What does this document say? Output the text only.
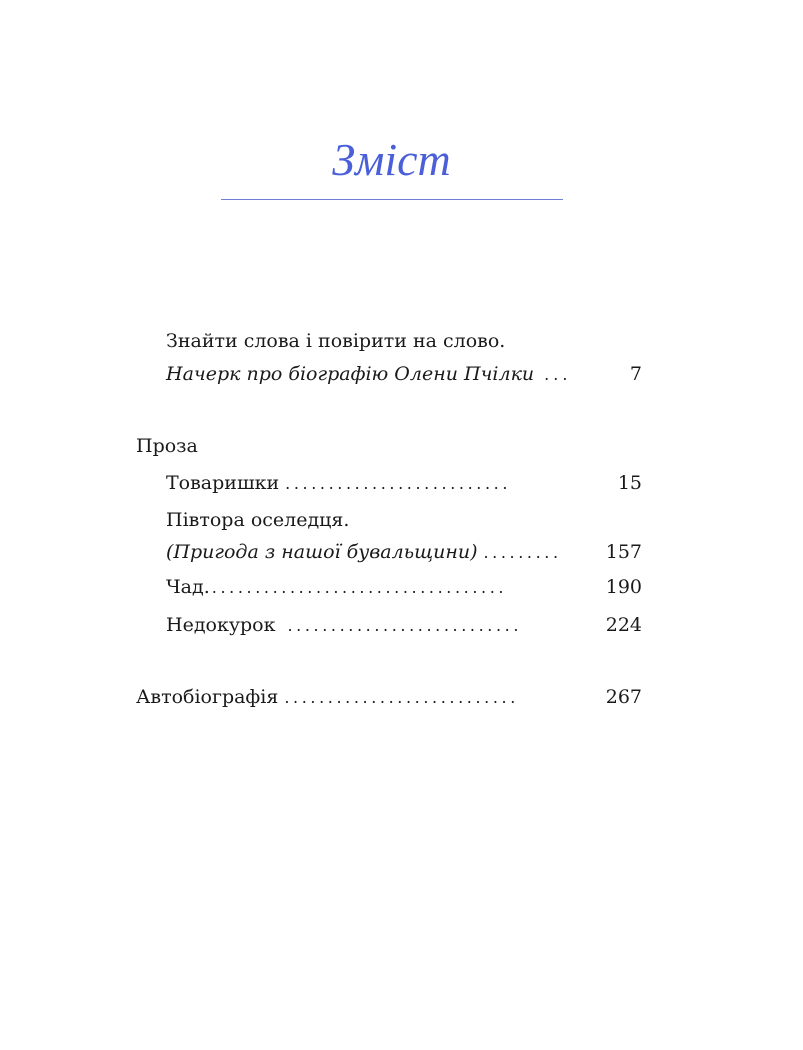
Зміст
Знайти слова і повірити на слово.
Начерк про біографію Олени Пчілки ...	7
Проза
Товаришки ..........................	15
Півтора оселедця.
(Пригода з нашої бувальщини) .........	157
Чад. ..................................	190
Недокурок ...........................	224
Автобіографія ...........................	267
